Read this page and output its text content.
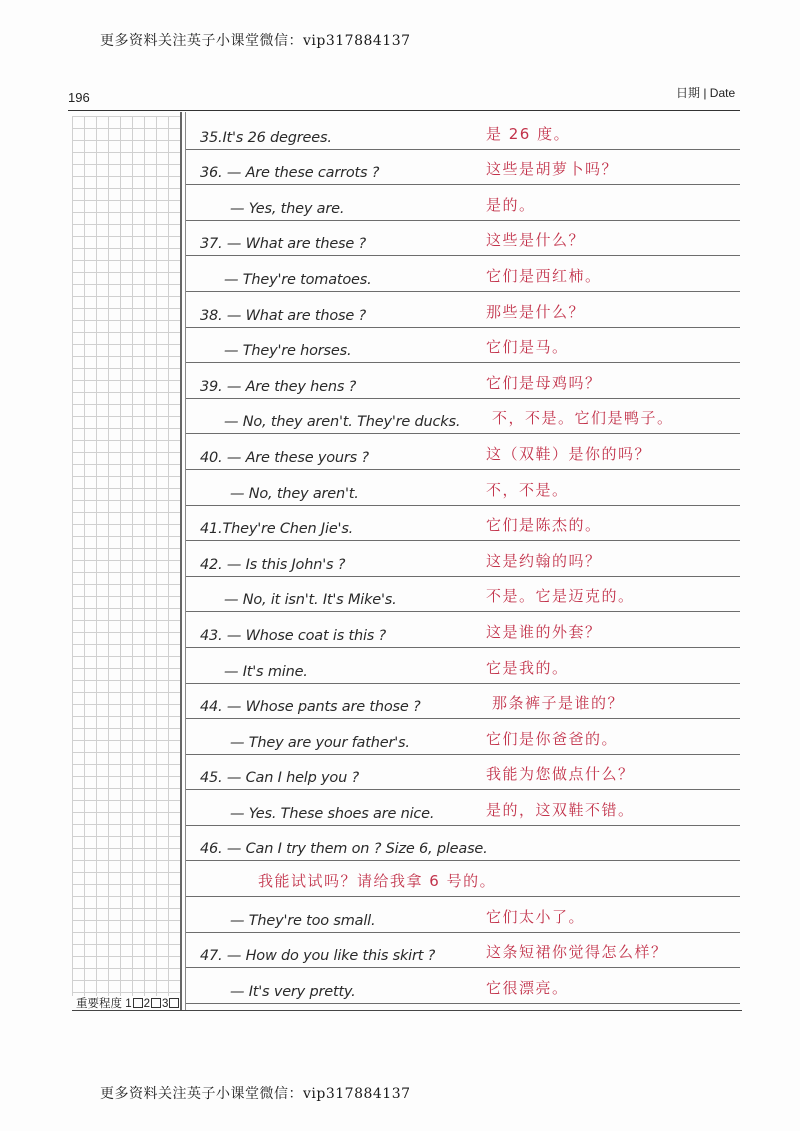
更多资料关注英子小课堂微信：vip317884137
196	日期 | Date
35.It's 26 degrees.	是 26 度。
36. — Are these carrots ?	这些是胡萝卜吗？
— Yes, they are.	是的。
37. — What are these ?	这些是什么？
— They're tomatoes.	它们是西红柿。
38. — What are those ?	那些是什么？
— They're horses.	它们是马。
39. — Are they hens ?	它们是母鸡吗？
— No, they aren't. They're ducks. 不，不是。它们是鸭子。
40. — Are these yours ?	这（双鞋）是你的吗？
— No, they aren't.	不，不是。
41.They're Chen Jie's.	它们是陈杰的。
42. — Is this John's ?	这是约翰的吗？
— No, it isn't. It's Mike's.	不是。它是迈克的。
43. — Whose coat is this ?	这是谁的外套？
— It's mine.	它是我的。
44. — Whose pants are those ?	那条裤子是谁的？
— They are your father's.	它们是你爸爸的。
45. — Can I help you ?	我能为您做点什么？
— Yes. These shoes are nice.	是的，这双鞋不错。
46. — Can I try them on ? Size 6, please.
我能试试吗？请给我拿 6 号的。
— They're too small.	它们太小了。
47. — How do you like this skirt ?	这条短裙你觉得怎么样？
— It's very pretty.	它很漂亮。
重要程度 1 2 3
更多资料关注英子小课堂微信：vip317884137
